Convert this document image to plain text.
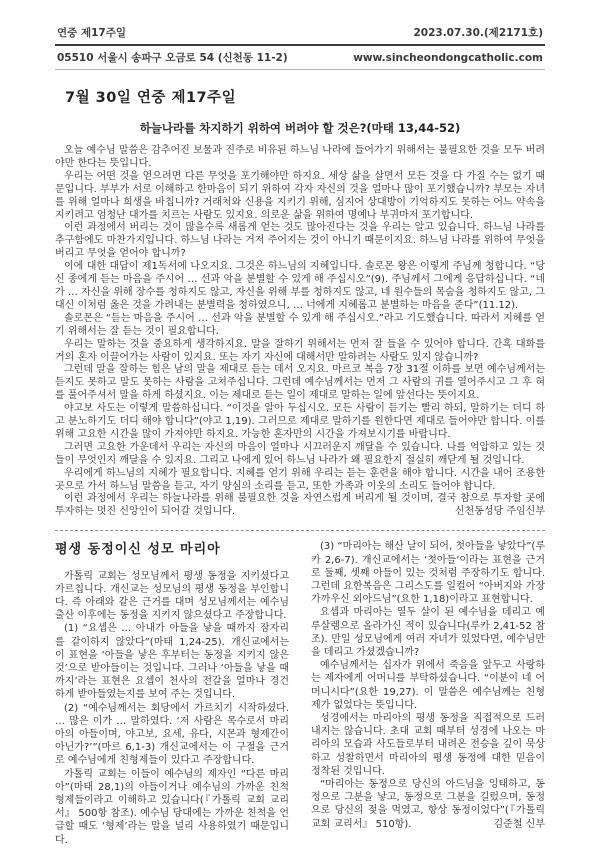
연중 제17주일	2023.07.30.(제2171호)
05510 서울시 송파구 오금로 54 (신천동 11-2)	www.sincheondongcatholic.com
7월 30일 연중 제17주일
하늘나라를 차지하기 위하여 버려야 할 것은?(마태 13,44-52)

오늘 예수님 말씀은 감추어진 보물과 진주로 비유된 하느님 나라에 들어가기 위해서는 불필요한 것을 모두 버려야만 한다는 뜻입니다.

우리는 어떤 것을 얻으려면 다른 무엇을 포기해야만 하지요. 세상 삶을 살면서 모든 것을 다 가질 수는 없기 때문입니다. 부부가 서로 이해하고 한마음이 되기 위하여 각자 자신의 것을 얼마나 많이 포기했습니까? 부모는 자녀를 위해 얼마나 희생을 바칩니까? 거래처와 신용을 지키기 위해, 심지어 상대방이 기억하지도 못하는 어느 약속을 지키려고 엄청난 대가를 치르는 사람도 있지요. 의로운 삶을 위하여 명예나 부귀마저 포기합니다.

이런 과정에서 버리는 것이 많을수록 새롭게 얻는 것도 많아진다는 것을 우리는 알고 있습니다. 하느님 나라를 추구함에도 마찬가지입니다. 하느님 나라는 거저 주어지는 것이 아니기 때문이지요. 하느님 나라를 위하여 무엇을 버리고 무엇을 얻어야 합니까?

이에 대한 대답이 제1독서에 나오지요. 그것은 하느님의 지혜입니다. 솔로몬 왕은 이렇게 주님께 청합니다. “당신 종에게 듣는 마음을 주시어 … 선과 악을 분별할 수 있게 해 주십시오”(9). 주님께서 그에게 응답하십니다. “네가 … 자신을 위해 장수를 청하지도 않고, 자신을 위해 부를 청하지도 않고, 네 원수들의 목숨을 청하지도 않고, 그 대신 이처럼 옳은 것을 가려내는 분별력을 청하였으니, … 너에게 지혜롭고 분별하는 마음을 준다”(11.12).

솔로몬은 “듣는 마음을 주시어 … 선과 악을 분별할 수 있게 해 주십시오.”라고 기도했습니다. 따라서 지혜를 얻기 위해서는 잘 듣는 것이 필요합니다.

우리는 말하는 것을 중요하게 생각하지요. 말을 잘하기 위해서는 먼저 잘 들을 수 있어야 합니다. 간혹 대화를 거의 혼자 이끌어가는 사람이 있지요. 또는 자기 자신에 대해서만 말하려는 사람도 있지 않습니까?

그런데 말을 잘하는 힘은 남의 말을 제대로 듣는 데서 오지요. 마르코 복음 7장 31절 이하를 보면 예수님께서는 듣지도 못하고 말도 못하는 사람을 고쳐주십니다. 그런데 예수님께서는 먼저 그 사람의 귀를 열어주시고 그 후 혀를 풀어주셔서 말을 하게 하셨지요. 이는 제대로 듣는 일이 제대로 말하는 일에 앞선다는 뜻이지요.

야고보 사도는 이렇게 말씀하십니다. “이것을 알아 두십시오. 모든 사람이 듣기는 빨리 하되, 말하기는 더디 하고 분노하기도 더디 해야 합니다”(야고 1,19). 그러므로 제대로 말하기를 원한다면 제대로 들어야만 합니다. 이를 위해 고요한 시간을 많이 가져야만 하지요. 가능한 혼자만의 시간을 가져보시기를 바랍니다.

그러면 고요한 가운데서 우리는 자신의 마음이 얼마나 시끄러운지 깨달을 수 있습니다. 나를 억압하고 있는 것들이 무엇인지 깨달을 수 있지요. 그리고 나에게 있어 하느님 나라가 왜 필요한지 절실히 깨닫게 될 것입니다.

우리에게 하느님의 지혜가 필요합니다. 지혜를 얻기 위해 우리는 듣는 훈련을 해야 합니다. 시간을 내어 조용한 곳으로 가서 하느님 말씀을 듣고, 자기 양심의 소리를 듣고, 또한 가족과 이웃의 소리도 들어야 합니다.

이런 과정에서 우리는 하늘나라를 위해 불필요한 것을 자연스럽게 버리게 될 것이며, 결국 참으로 투자할 곳에 투자하는 멋진 신앙인이 되어갈 것입니다.	신천동성당 주임신부
평생 동정이신 성모 마리아

가톨릭 교회는 성모님께서 평생 동정을 지키셨다고 가르칩니다. 개신교는 성모님의 평생 동정을 부인합니다. 즉 아래와 같은 근거를 대며 성모님께서는 예수님 출산 이후에는 동정을 지키지 않으셨다고 주장합니다.

(1) “요셉은 … 아내가 아들을 낳을 때까지 잠자리를 같이하지 않았다”(마태 1,24-25). 개신교에서는 이 표현을 ‘아들을 낳은 후부터는 동정을 지키지 않은 것’으로 받아들이는 것입니다. 그러나 ‘아들을 낳을 때까지’라는 표현은 요셉이 천사의 전갈을 얼마나 경건하게 받아들였는지를 보여 주는 것입니다.

(2) “예수님께서는 회당에서 가르치기 시작하셨다. … 많은 이가 … 말하였다. ‘저 사람은 목수로서 마리아의 아들이며, 야고보, 요세, 유다, 시몬과 형제간이 아닌가?’”(마르 6,1-3) 개신교에서는 이 구절을 근거로 예수님에게 친형제들이 있다고 주장합니다.

가톨릭 교회는 이들이 예수님의 제자인 “다른 마리아”(마태 28,1)의 아들이거나 예수님의 가까운 친척 형제들이라고 이해하고 있습니다(『가톨릭 교회 교리서』 500항 참조). 예수님 당대에는 가까운 친척을 언급할 때도 ‘형제’라는 말을 널리 사용하였기 때문입니다.

(3) “마리아는 해산 날이 되어, 첫아들을 낳았다”(루카 2,6-7). 개신교에서는 ‘첫아들’이라는 표현을 근거로 둘째, 셋째 아들이 있는 것처럼 주장하기도 합니다. 그런데 요한복음은 그리스도를 일컬어 “아버지와 가장 가까우신 외아드님”(요한 1,18)이라고 표현합니다.

요셉과 마리아는 열두 살이 된 예수님을 데리고 예루살렘으로 올라가신 적이 있습니다(루카 2,41-52 참조). 만일 성모님에게 여러 자녀가 있었다면, 예수님만을 데리고 가셨겠습니까?

예수님께서는 십자가 위에서 죽음을 앞두고 사랑하는 제자에게 어머니를 부탁하셨습니다. “이분이 네 어머니시다”(요한 19,27). 이 말씀은 예수님께는 친형제가 없었다는 뜻입니다.

성경에서는 마리아의 평생 동정을 직접적으로 드러내지는 않습니다. 초대 교회 때부터 성경에 나오는 마리아의 모습과 사도들로부터 내려온 전승을 깊이 묵상하고 성찰하면서 마리아의 평생 동정에 대한 믿음이 정착된 것입니다.

“마리아는 동정으로 당신의 아드님을 잉태하고, 동정으로 그분을 낳고, 동정으로 그분을 길렀으며, 동정으로 당신의 젖을 먹였고, 항상 동정이었다”(『가톨릭 교회 교리서』 510항).	김준철 신부
